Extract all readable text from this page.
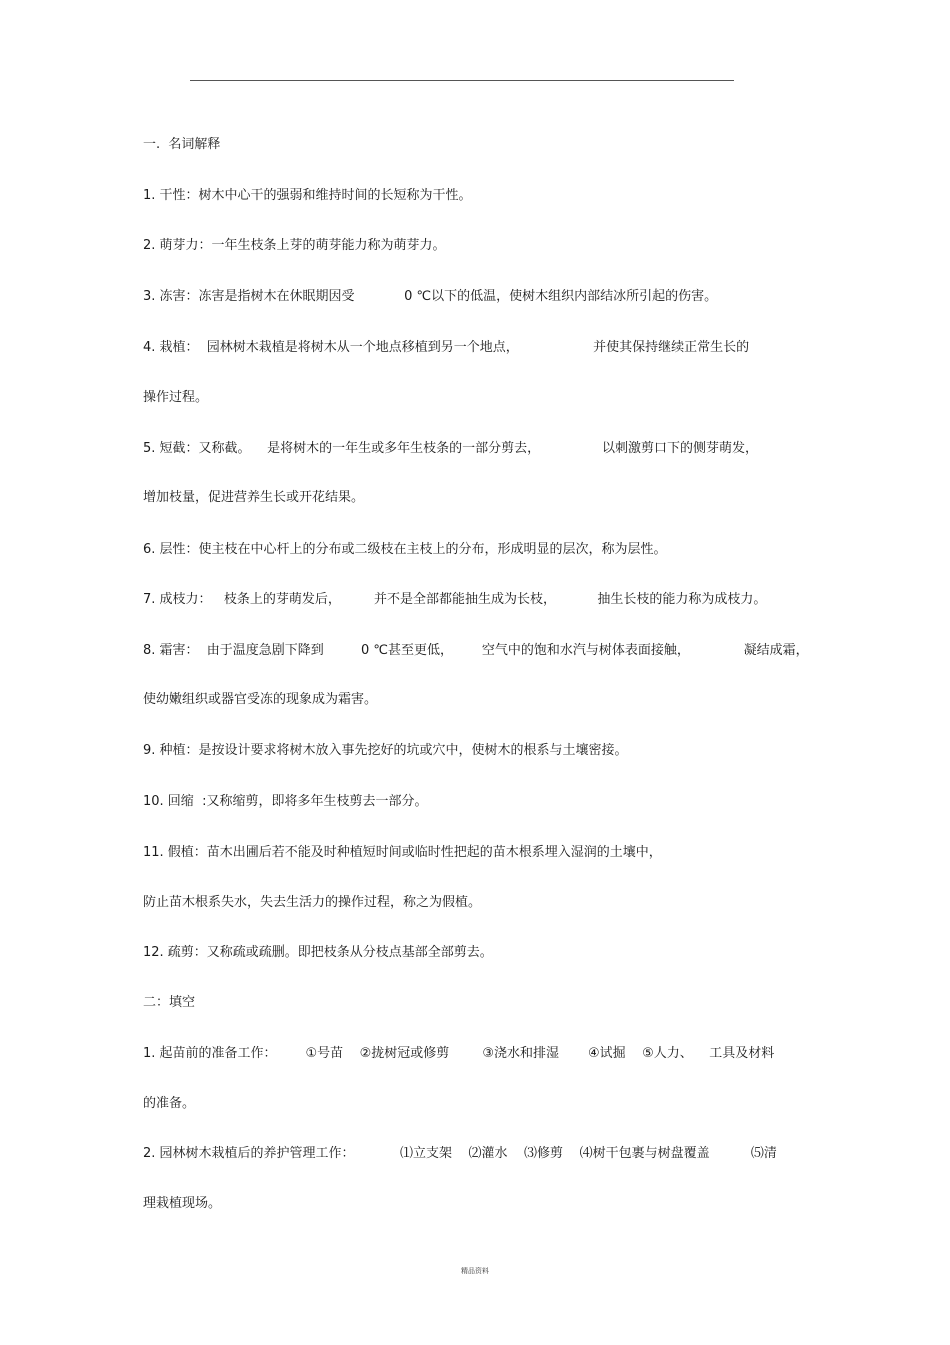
一.  名词解释
1. 干性：树木中心干的强弱和维持时间的长短称为干性。
2. 萌芽力：一年生枝条上芽的萌芽能力称为萌芽力。
3. 冻害：冻害是指树木在休眠期因受            0 ℃以下的低温，使树木组织内部结冰所引起的伤害。
4. 栽植：  园林树木栽植是将树木从一个地点移植到另一个地点，                  并使其保持继续正常生长的
操作过程。
5. 短截：又称截。    是将树木的一年生或多年生枝条的一部分剪去，               以刺激剪口下的侧芽萌发，
增加枝量，促进营养生长或开花结果。
6. 层性：使主枝在中心杆上的分布或二级枝在主枝上的分布，形成明显的层次，称为层性。
7. 成枝力：   枝条上的芽萌发后，        并不是全部都能抽生成为长枝，          抽生长枝的能力称为成枝力。
8. 霜害：  由于温度急剧下降到         0 ℃甚至更低，       空气中的饱和水汽与树体表面接触，             凝结成霜，
使幼嫩组织或器官受冻的现象成为霜害。
9. 种植：是按设计要求将树木放入事先挖好的坑或穴中，使树木的根系与土壤密接。
10. 回缩  :又称缩剪，即将多年生枝剪去一部分。
11. 假植：苗木出圃后若不能及时种植短时间或临时性把起的苗木根系埋入湿润的土壤中，
防止苗木根系失水，失去生活力的操作过程，称之为假植。
12. 疏剪：又称疏或疏删。即把枝条从分枝点基部全部剪去。
二：填空
1. 起苗前的准备工作：       ①号苗    ②拢树冠或修剪        ③浇水和排湿       ④试掘    ⑤人力、    工具及材料
的准备。
2. 园林树木栽植后的养护管理工作：           ⑴立支架    ⑵灌水    ⑶修剪    ⑷树干包裹与树盘覆盖          ⑸清
理栽植现场。
精品资料
